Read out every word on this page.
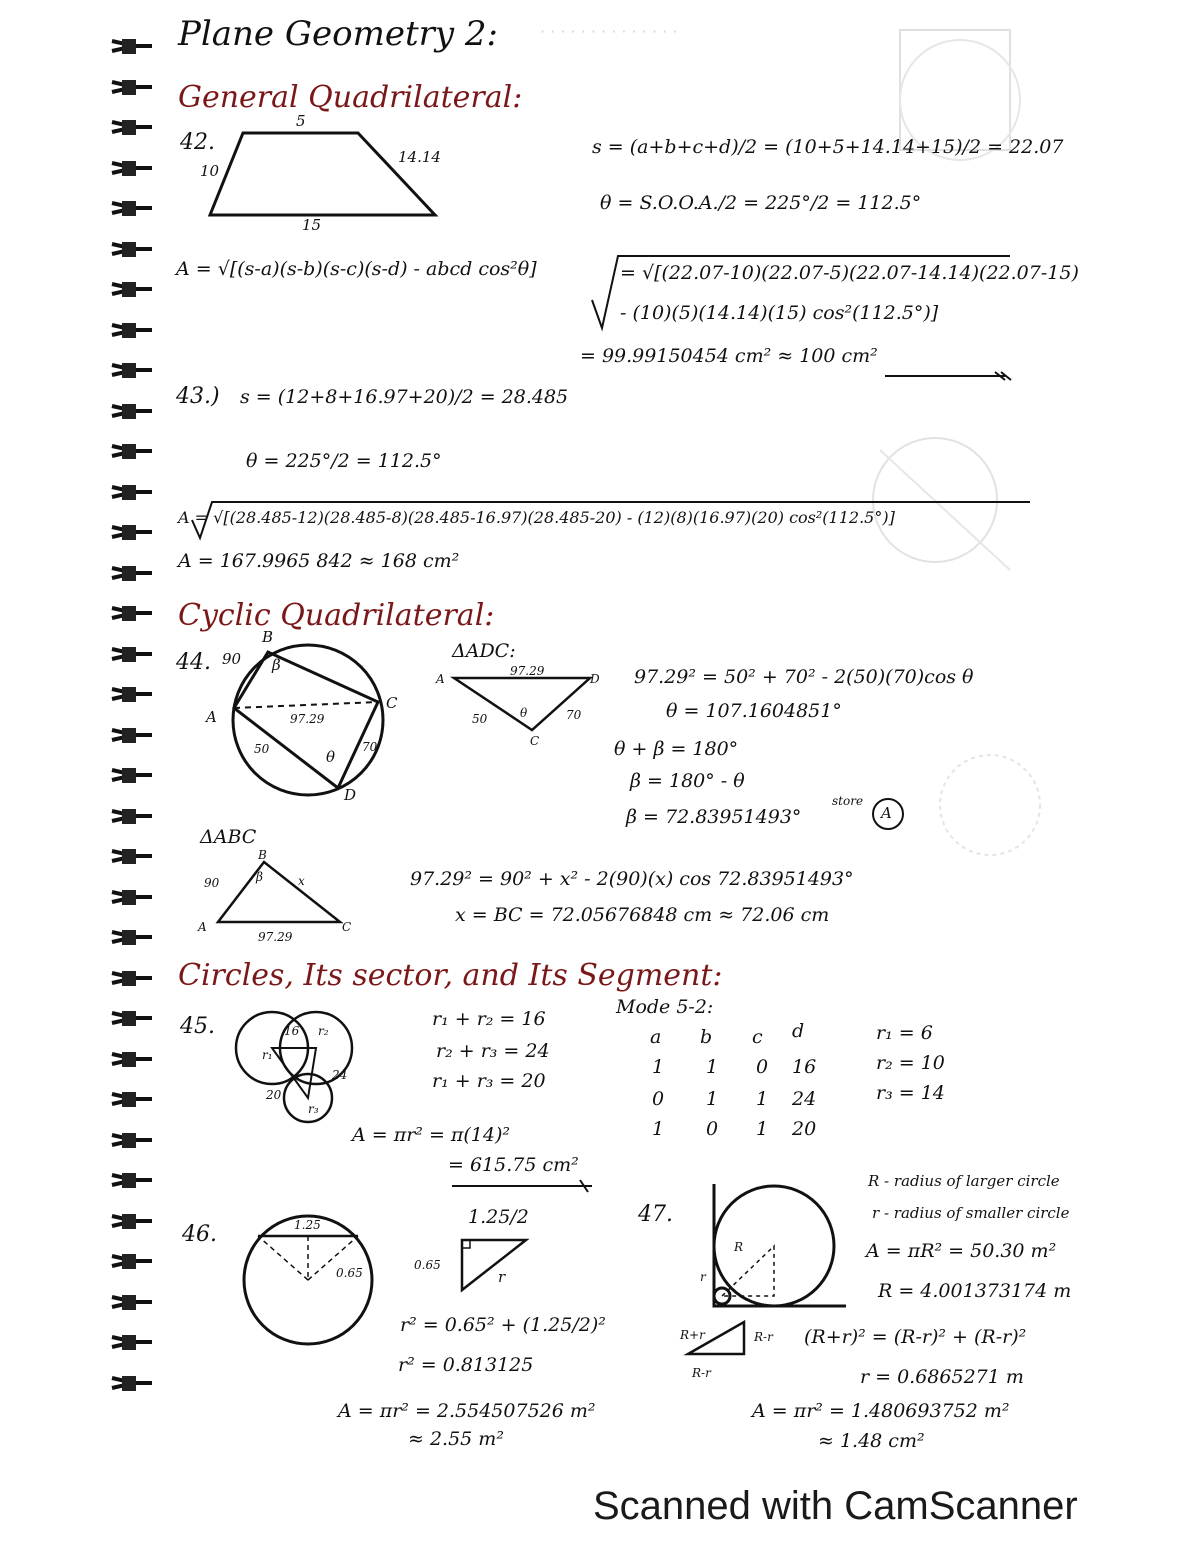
· · · · · · · · · · · · · ·
Plane Geometry 2:
General Quadrilateral:
42.
5
10
14.14
15
s = (a+b+c+d)/2 = (10+5+14.14+15)/2 = 22.07
θ = S.O.O.A./2 = 225°/2 = 112.5°
A = √[(s-a)(s-b)(s-c)(s-d) - abcd cos²θ]	= √[(22.07-10)(22.07-5)(22.07-14.14)(22.07-15)
- (10)(5)(14.14)(15) cos²(112.5°)]
= 99.99150454 cm² ≈ 100 cm²
43.) s = (12+8+16.97+20)/2 = 28.485
θ = 225°/2 = 112.5°
A = √[(28.485-12)(28.485-8)(28.485-16.97)(28.485-20) - (12)(8)(16.97)(20) cos²(112.5°)]
A = 167.9965 842 ≈ 168 cm²
Cyclic Quadrilateral:
44. 90
B
β
A
C
D
97.29
50	70
θ
ΔADC:
A	D
C
97.29
50	θ	70
97.29² = 50² + 70² - 2(50)(70)cos θ
θ = 107.1604851°
θ + β = 180°
β = 180° - θ
β = 72.83951493°
store
A
ΔABC
B
90	β	x
A	C
97.29
97.29² = 90² + x² - 2(90)(x) cos 72.83951493°
x = BC = 72.05676848 cm ≈ 72.06 cm
Circles, Its sector, and Its Segment:
45.
r₁
r₂
r₃
16
24
20
r₁ + r₂ = 16
r₂ + r₃ = 24
r₁ + r₃ = 20
Mode 5-2:
a b c d
1 1 0 16
0 1 1 24
1 0 1 20
r₁ = 6
r₂ = 10
r₃ = 14
A = πr² = π(14)²
= 615.75 cm²
46.	1.25
0.65
1.25/2
0.65
r
r² = 0.65² + (1.25/2)²
r² = 0.813125
A = πr² = 2.554507526 m²
≈ 2.55 m²
47.
R
r
R - radius of larger circle
r - radius of smaller circle
A = πR² = 50.30 m²
R = 4.001373174 m
R+r	R-r
R-r
(R+r)² = (R-r)² + (R-r)²
r = 0.6865271 m
A = πr² = 1.480693752 m²
≈ 1.48 cm²
Scanned with CamScanner
